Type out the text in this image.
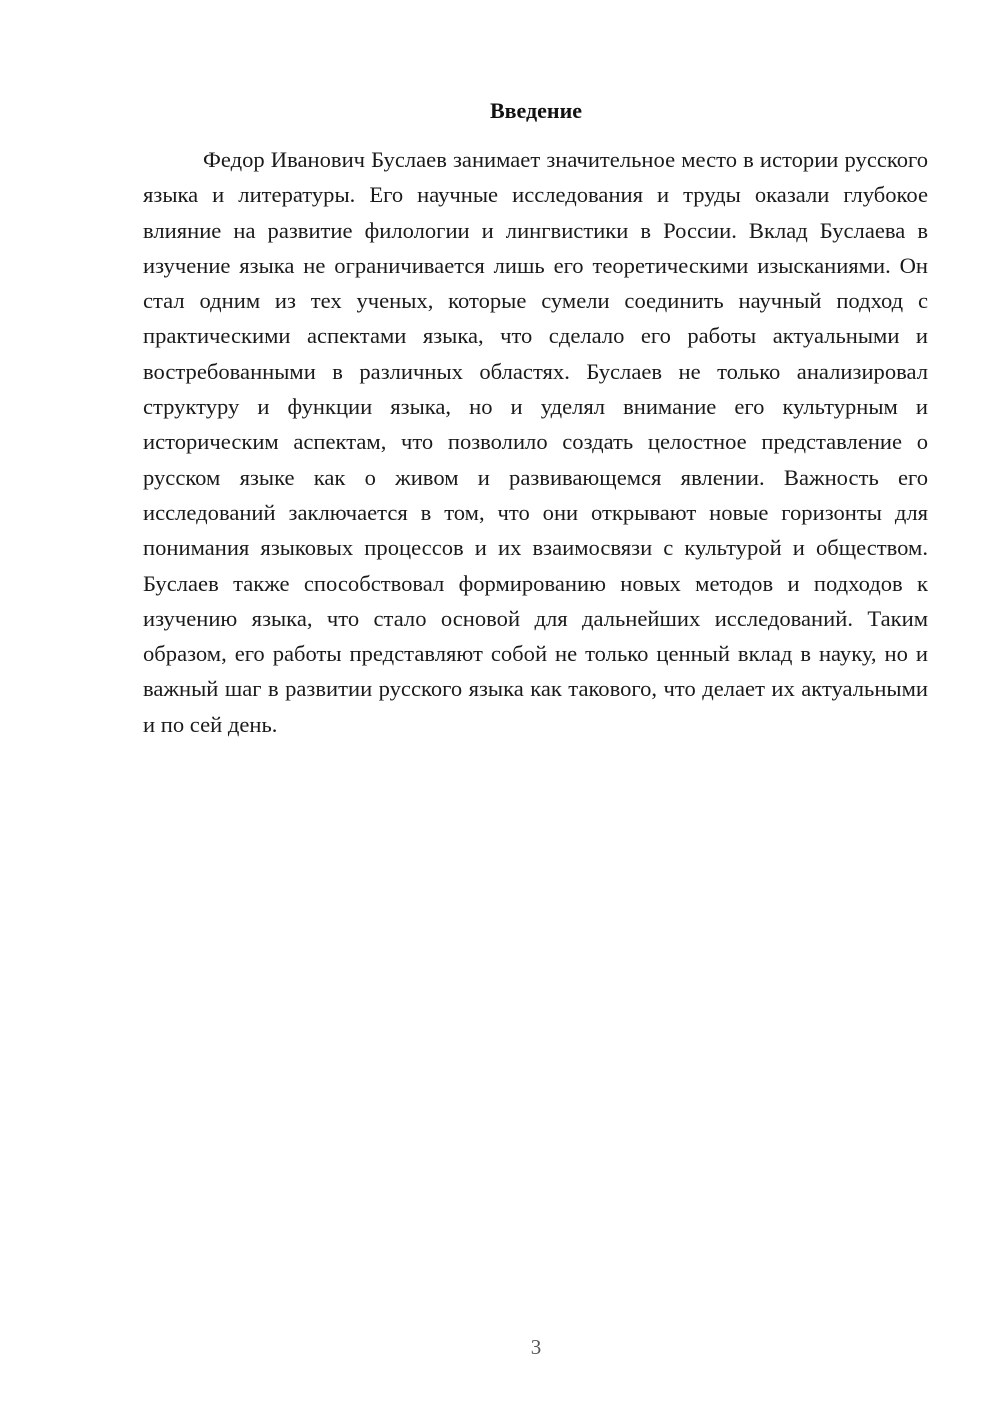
Введение

Федор Иванович Буслаев занимает значительное место в истории русского языка и литературы. Его научные исследования и труды оказали глубокое влияние на развитие филологии и лингвистики в России. Вклад Буслаева в изучение языка не ограничивается лишь его теоретическими изысканиями. Он стал одним из тех ученых, которые сумели соединить научный подход с практическими аспектами языка, что сделало его работы актуальными и востребованными в различных областях. Буслаев не только анализировал структуру и функции языка, но и уделял внимание его культурным и историческим аспектам, что позволило создать целостное представление о русском языке как о живом и развивающемся явлении. Важность его исследований заключается в том, что они открывают новые горизонты для понимания языковых процессов и их взаимосвязи с культурой и обществом. Буслаев также способствовал формированию новых методов и подходов к изучению языка, что стало основой для дальнейших исследований. Таким образом, его работы представляют собой не только ценный вклад в науку, но и важный шаг в развитии русского языка как такового, что делает их актуальными и по сей день.

3
